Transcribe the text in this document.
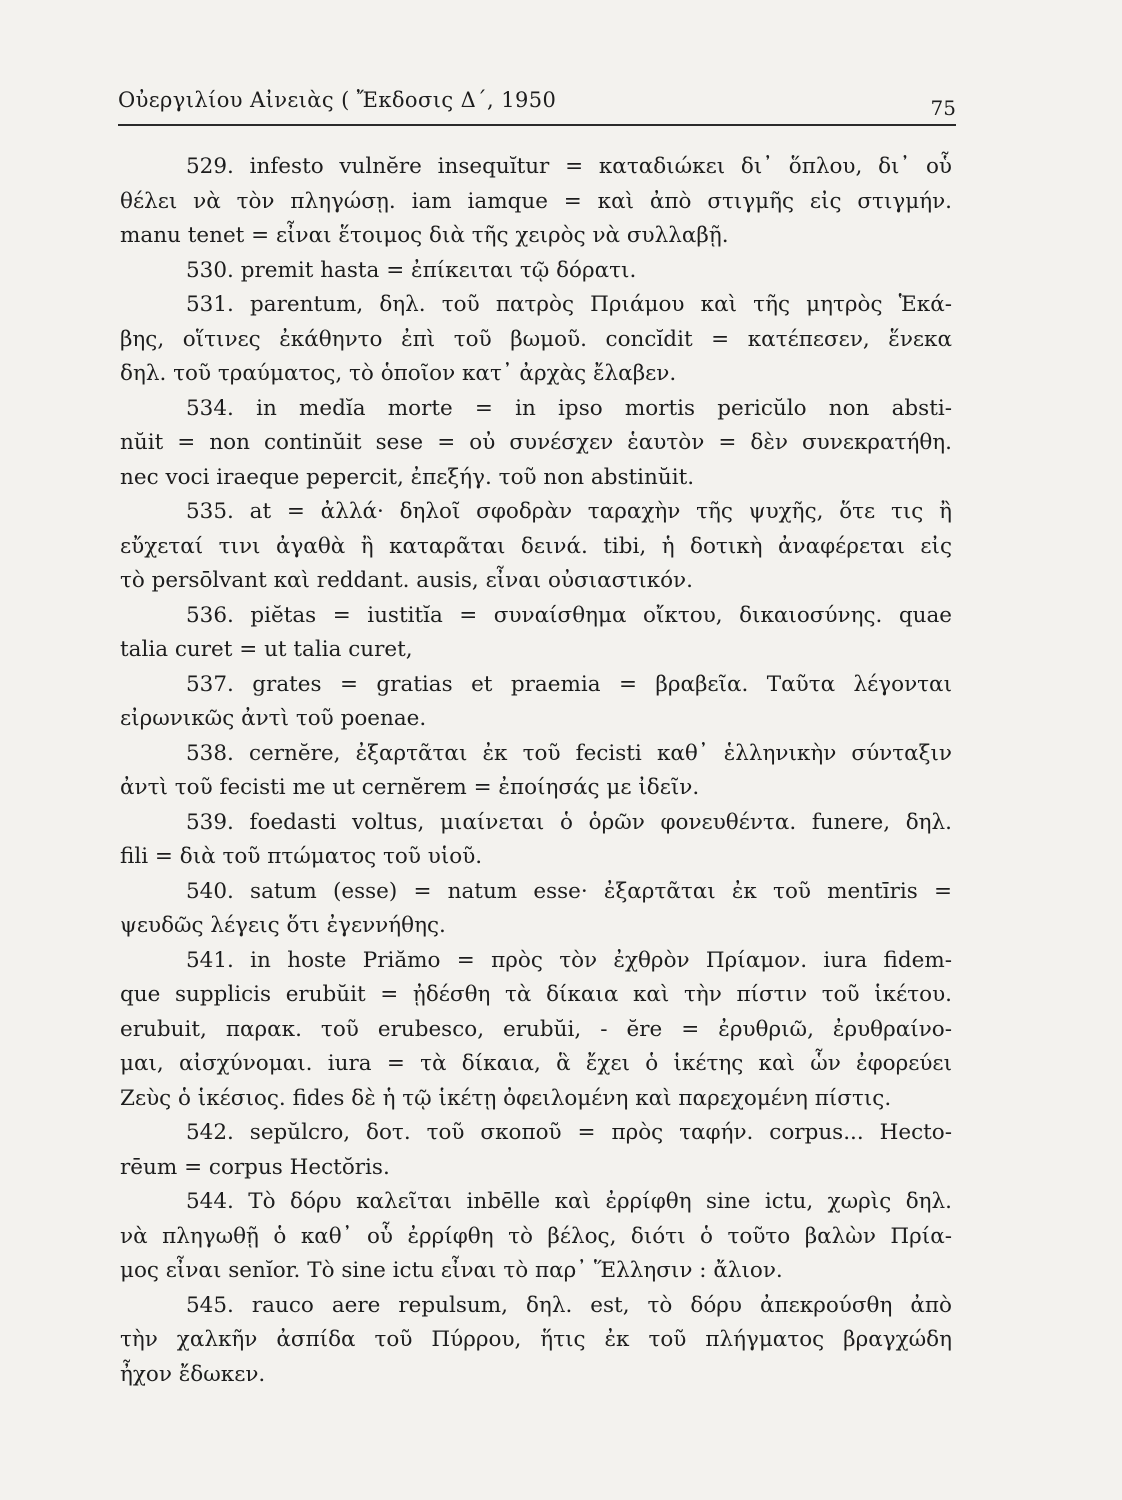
Οὐεργιλίου Αἰνειὰς ( Ἔκδοσις Δ΄, 1950	75
529. infesto vulnĕre insequĭtur = καταδιώκει δι᾽ ὅπλου, δι᾽ οὗ
θέλει νὰ τὸν πληγώσῃ. iam iamque = καὶ ἀπὸ στιγμῆς εἰς στιγμήν.
manu tenet = εἶναι ἕτοιμος διὰ τῆς χειρὸς νὰ συλλαβῇ.
530. premit hasta = ἐπίκειται τῷ δόρατι.
531. parentum, δηλ. τοῦ πατρὸς Πριάμου καὶ τῆς μητρὸς Ἑκά-
βης, οἵτινες ἐκάθηντο ἐπὶ τοῦ βωμοῦ. concĭdit = κατέπεσεν, ἕνεκα
δηλ. τοῦ τραύματος, τὸ ὁποῖον κατ᾽ ἀρχὰς ἔλαβεν.
534. in medĭa morte = in ipso mortis pericŭlo non absti-
nŭit = non continŭit sese = οὐ συνέσχεν ἑαυτὸν = δὲν συνεκρατήθη.
nec voci iraeque pepercit, ἐπεξήγ. τοῦ non abstinŭit.
535. at = ἀλλά· δηλοῖ σφοδρὰν ταραχὴν τῆς ψυχῆς, ὅτε τις ἢ
εὔχεταί τινι ἀγαθὰ ἢ καταρᾶται δεινά. tibi, ἡ δοτικὴ ἀναφέρεται εἰς
τὸ persōlvant καὶ reddant. ausis, εἶναι οὐσιαστικόν.
536. piĕtas = iustitĭa = συναίσθημα οἴκτου, δικαιοσύνης. quae
talia curet = ut talia curet,
537. grates = gratias et praemia = βραβεῖα. Ταῦτα λέγονται
εἰρωνικῶς ἀντὶ τοῦ poenae.
538. cernĕre, ἐξαρτᾶται ἐκ τοῦ fecisti καθ᾽ ἑλληνικὴν σύνταξιν
ἀντὶ τοῦ fecisti me ut cernĕrem = ἐποίησάς με ἰδεῖν.
539. foedasti voltus, μιαίνεται ὁ ὁρῶν φονευθέντα. funere, δηλ.
fili = διὰ τοῦ πτώματος τοῦ υἱοῦ.
540. satum (esse) = natum esse· ἐξαρτᾶται ἐκ τοῦ mentīris =
ψευδῶς λέγεις ὅτι ἐγεννήθης.
541. in hoste Priămo = πρὸς τὸν ἐχθρὸν Πρίαμον. iura fidem-
que supplicis erubŭit = ᾐδέσθη τὰ δίκαια καὶ τὴν πίστιν τοῦ ἱκέτου.
erubuit, παρακ. τοῦ erubesco, erubŭi, - ĕre = ἐρυθριῶ, ἐρυθραίνο-
μαι, αἰσχύνομαι. iura = τὰ δίκαια, ἃ ἔχει ὁ ἱκέτης καὶ ὧν ἐφορεύει
Ζεὺς ὁ ἱκέσιος. fides δὲ ἡ τῷ ἱκέτῃ ὀφειλομένη καὶ παρεχομένη πίστις.
542. sepŭlcro, δοτ. τοῦ σκοποῦ = πρὸς ταφήν. corpus... Hecto-
rēum = corpus Hectŏris.
544. Τὸ δόρυ καλεῖται inbēlle καὶ ἐρρίφθη sine ictu, χωρὶς δηλ.
νὰ πληγωθῇ ὁ καθ᾽ οὗ ἐρρίφθη τὸ βέλος, διότι ὁ τοῦτο βαλὼν Πρία-
μος εἶναι senĭor. Τὸ sine ictu εἶναι τὸ παρ᾽ Ἕλλησιν : ἄλιον.
545. rauco aere repulsum, δηλ. est, τὸ δόρυ ἀπεκρούσθη ἀπὸ
τὴν χαλκῆν ἀσπίδα τοῦ Πύρρου, ἥτις ἐκ τοῦ πλήγματος βραγχώδη
ἦχον ἔδωκεν.
